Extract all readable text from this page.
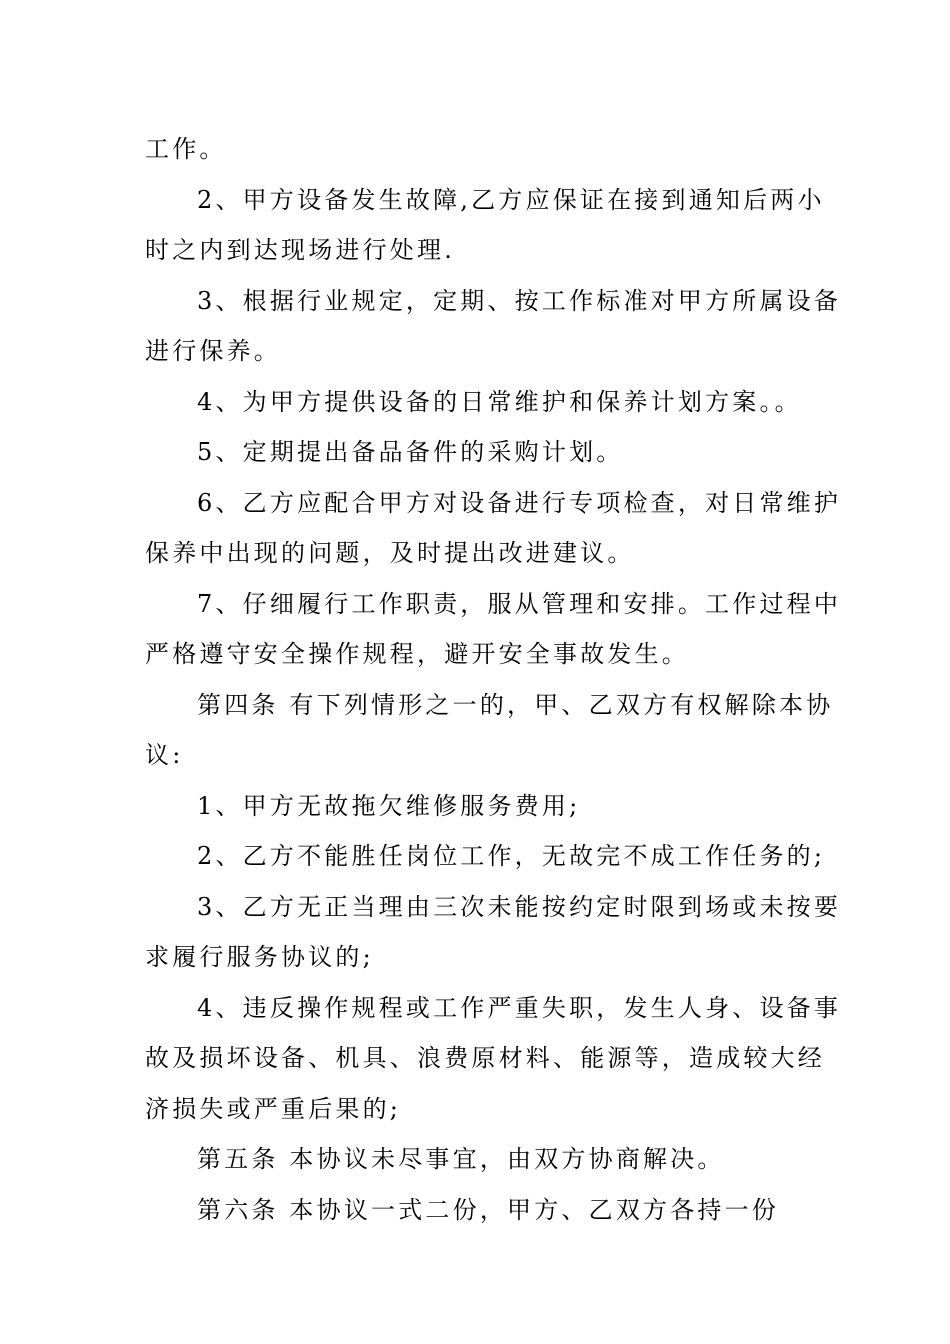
工作。
2、甲方设备发生故障,乙方应保证在接到通知后两小
时之内到达现场进行处理.
3、根据行业规定，定期、按工作标准对甲方所属设备
进行保养。
4、为甲方提供设备的日常维护和保养计划方案。。
5、定期提出备品备件的采购计划。
6、乙方应配合甲方对设备进行专项检查，对日常维护
保养中出现的问题，及时提出改进建议。
7、仔细履行工作职责，服从管理和安排。工作过程中
严格遵守安全操作规程，避开安全事故发生。
第四条 有下列情形之一的，甲、乙双方有权解除本协
议:
1、甲方无故拖欠维修服务费用;
2、乙方不能胜任岗位工作，无故完不成工作任务的;
3、乙方无正当理由三次未能按约定时限到场或未按要
求履行服务协议的;
4、违反操作规程或工作严重失职，发生人身、设备事
故及损坏设备、机具、浪费原材料、能源等，造成较大经
济损失或严重后果的;
第五条 本协议未尽事宜，由双方协商解决。
第六条 本协议一式二份，甲方、乙双方各持一份
